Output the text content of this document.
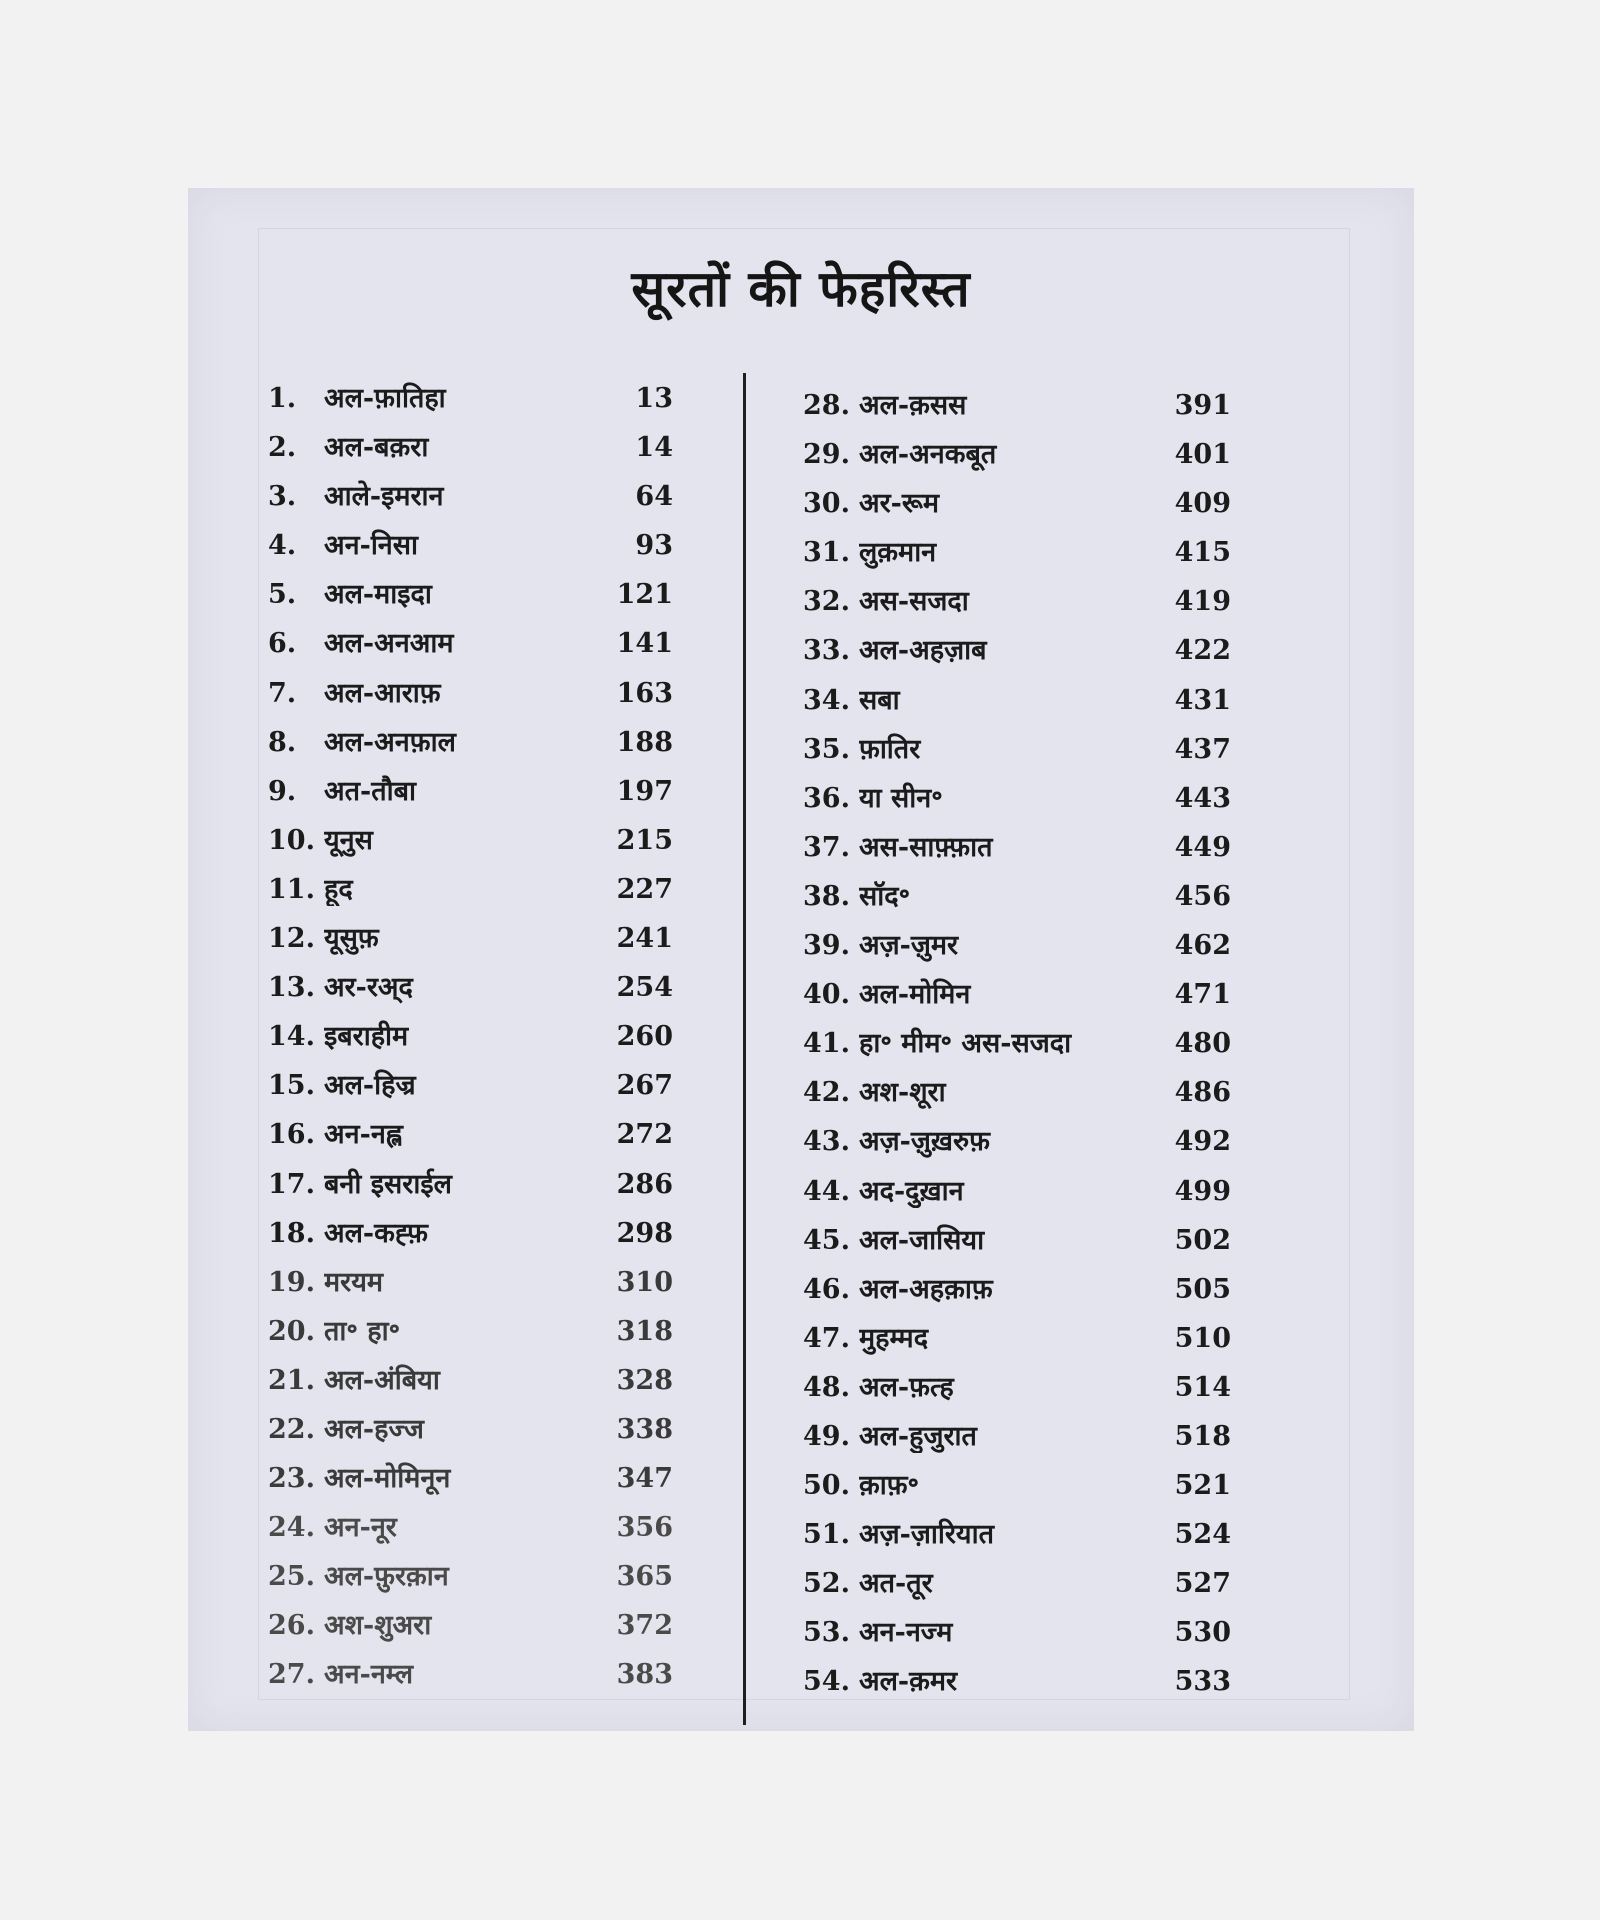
सूरतों की फेहरिस्त
1.	अल-फ़ातिहा	13
2.	अल-बक़रा	14
3.	आले-इमरान	64
4.	अन-निसा	93
5.	अल-माइदा	121
6.	अल-अनआम	141
7.	अल-आराफ़	163
8.	अल-अनफ़ाल	188
9.	अत-तौबा	197
10. यूनुस	215
11. हूद	227
12. यूसुफ़	241
13. अर-रअ्द	254
14. इबराहीम	260
15. अल-हिज्र	267
16. अन-नह्ल	272
17. बनी इसराईल	286
18. अल-कह्फ़	298
19. मरयम	310
20. ता॰ हा॰	318
21. अल-अंबिया	328
22. अल-हज्ज	338
23. अल-मोमिनून	347
24. अन-नूर	356
25. अल-फ़ुरक़ान	365
26. अश-शुअरा	372
27. अन-नम्ल	383
28. अल-क़सस	391
29. अल-अनकबूत	401
30. अर-रूम	409
31. लुक़मान	415
32. अस-सजदा	419
33. अल-अहज़ाब	422
34. सबा	431
35. फ़ातिर	437
36. या सीन॰	443
37. अस-साफ़्फ़ात	449
38. सॉद॰	456
39. अज़-ज़ुमर	462
40. अल-मोमिन	471
41. हा॰ मीम॰ अस-सजदा	480
42. अश-शूरा	486
43. अज़-ज़ुख़रुफ़	492
44. अद-दुख़ान	499
45. अल-जासिया	502
46. अल-अहक़ाफ़	505
47. मुहम्मद	510
48. अल-फ़त्ह	514
49. अल-हुजुरात	518
50. क़ाफ़॰	521
51. अज़-ज़ारियात	524
52. अत-तूर	527
53. अन-नज्म	530
54. अल-क़मर	533
